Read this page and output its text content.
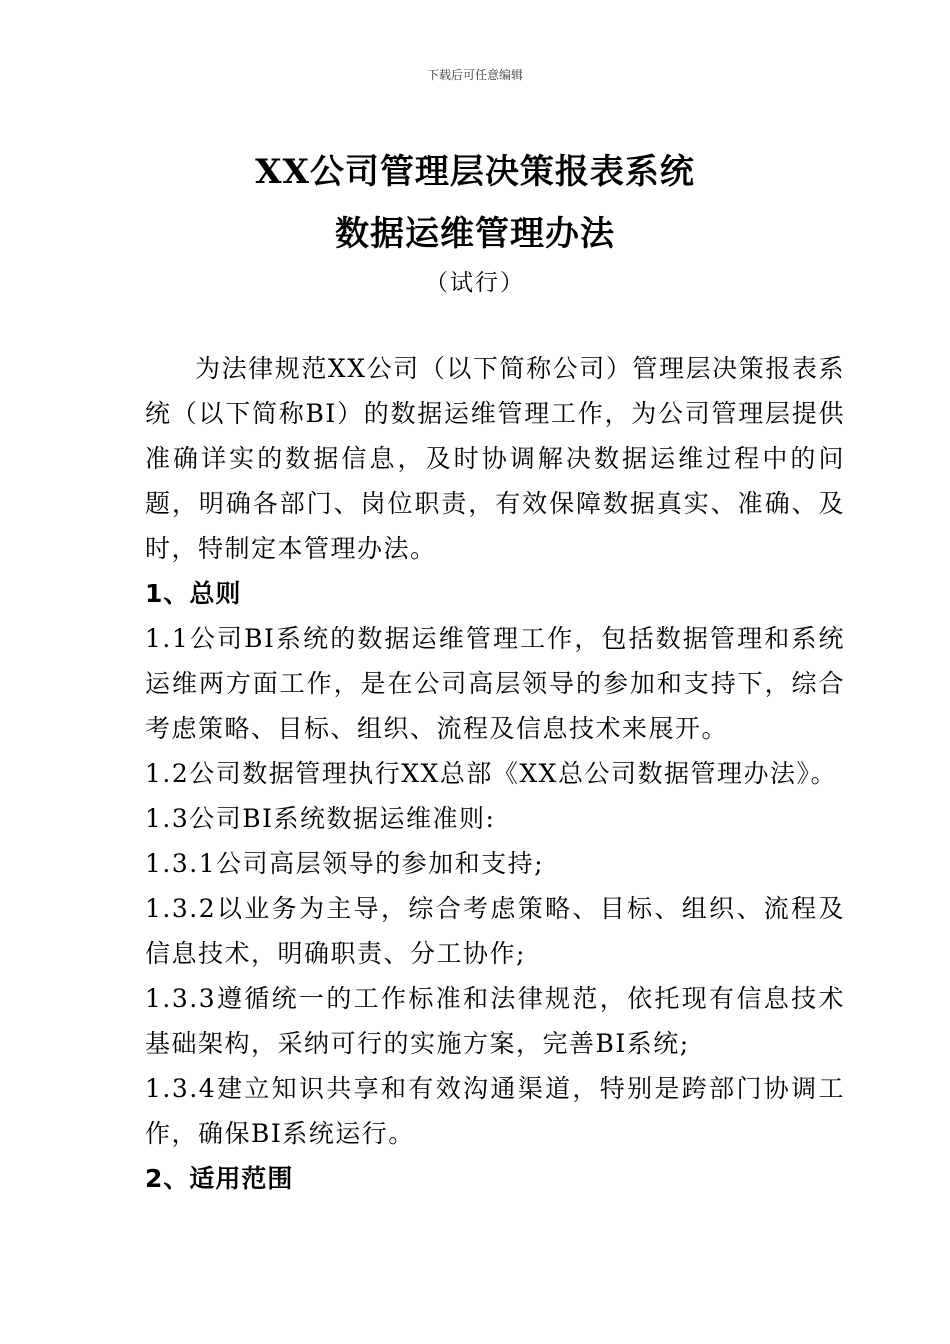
下载后可任意编辑
XX公司管理层决策报表系统
数据运维管理办法
（试行）

为法律规范XX公司（以下简称公司）管理层决策报表系统（以下简称BI）的数据运维管理工作，为公司管理层提供准确详实的数据信息，及时协调解决数据运维过程中的问题，明确各部门、岗位职责，有效保障数据真实、准确、及时，特制定本管理办法。

1、总则

1.1公司BI系统的数据运维管理工作，包括数据管理和系统运维两方面工作，是在公司高层领导的参加和支持下，综合考虑策略、目标、组织、流程及信息技术来展开。

1.2公司数据管理执行XX总部《XX总公司数据管理办法》。

1.3公司BI系统数据运维准则:

1.3.1公司高层领导的参加和支持;

1.3.2以业务为主导，综合考虑策略、目标、组织、流程及信息技术，明确职责、分工协作;

1.3.3遵循统一的工作标准和法律规范，依托现有信息技术基础架构，采纳可行的实施方案，完善BI系统;

1.3.4建立知识共享和有效沟通渠道，特别是跨部门协调工作，确保BI系统运行。

2、适用范围
